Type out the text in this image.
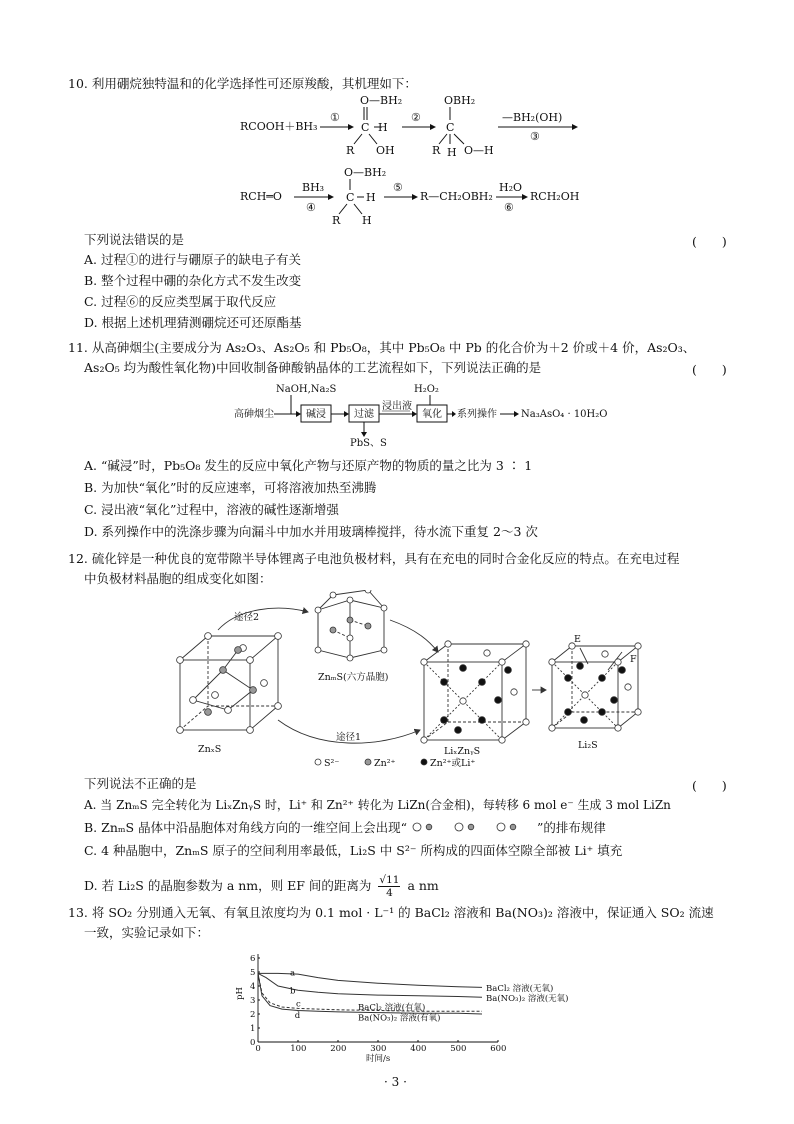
10. 利用硼烷独特温和的化学选择性可还原羧酸，其机理如下：
RCOOH＋BH₃
①
O—BH₂
C H
R OH
②
OBH₂
C
R H O—H
—BH₂(OH)
③
RCH═O
BH₃
④
O—BH₂
C H
R H
⑤
R—CH₂OBH₂
H₂O
⑥
RCH₂OH
下列说法错误的是	(　　)
A. 过程①的进行与硼原子的缺电子有关
B. 整个过程中硼的杂化方式不发生改变
C. 过程⑥的反应类型属于取代反应
D. 根据上述机理猜测硼烷还可还原酯基
11. 从高砷烟尘(主要成分为 As₂O₃、As₂O₅ 和 Pb₅O₈，其中 Pb₅O₈ 中 Pb 的化合价为＋2 价或＋4 价，As₂O₃、
As₂O₅ 均为酸性氧化物)中回收制备砷酸钠晶体的工艺流程如下，下列说法正确的是	(　　)
高砷烟尘
NaOH,Na₂S
碱浸	过滤
PbS、S
浸出液
H₂O₂
氧化 系列操作 Na₃AsO₄ · 10H₂O
A. “碱浸”时，Pb₅O₈ 发生的反应中氧化产物与还原产物的物质的量之比为 3 ∶ 1
B. 为加快“氧化”时的反应速率，可将溶液加热至沸腾
C. 浸出液“氧化”过程中，溶液的碱性逐渐增强
D. 系列操作中的洗涤步骤为向漏斗中加水并用玻璃棒搅拌，待水流下重复 2～3 次
12. 硫化锌是一种优良的宽带隙半导体锂离子电池负极材料，具有在充电的同时合金化反应的特点。在充电过程
中负极材料晶胞的组成变化如图：
途径2
途径1
ZnₓS
ZnₘS(六方晶胞)
LiₓZnᵧS
Li₂S
E
F
S²⁻	Zn²⁺	Zn²⁺或Li⁺
下列说法不正确的是	(　　)
A. 当 ZnₘS 完全转化为 LiₓZnᵧS 时，Li⁺ 和 Zn²⁺ 转化为 LiZn(合金相)，每转移 6 mol e⁻ 生成 3 mol LiZn
B. ZnₘS 晶体中沿晶胞体对角线方向的一维空间上会出现“	”的排布规律
C. 4 种晶胞中，ZnₘS 原子的空间利用率最低，Li₂S 中 S²⁻ 所构成的四面体空隙全部被 Li⁺ 填充
D. 若 Li₂S 的晶胞参数为 a nm，则 EF 间的距离为 $\frac{√11}{4}$ a nm
13. 将 SO₂ 分别通入无氧、有氧且浓度均为 0.1 mol · L⁻¹ 的 BaCl₂ 溶液和 Ba(NO₃)₂ 溶液中，保证通入 SO₂ 流速
一致，实验记录如下：
0	100	200	300	400	500	600
0
1
2
3
4
5
6
时间/s
pH
a
BaCl₂ 溶液(无氧)
b
Ba(NO₃)₂ 溶液(无氧)
c	BaCl₂ 溶液(有氧)
d	Ba(NO₃)₂ 溶液(有氧)
· 3 ·
